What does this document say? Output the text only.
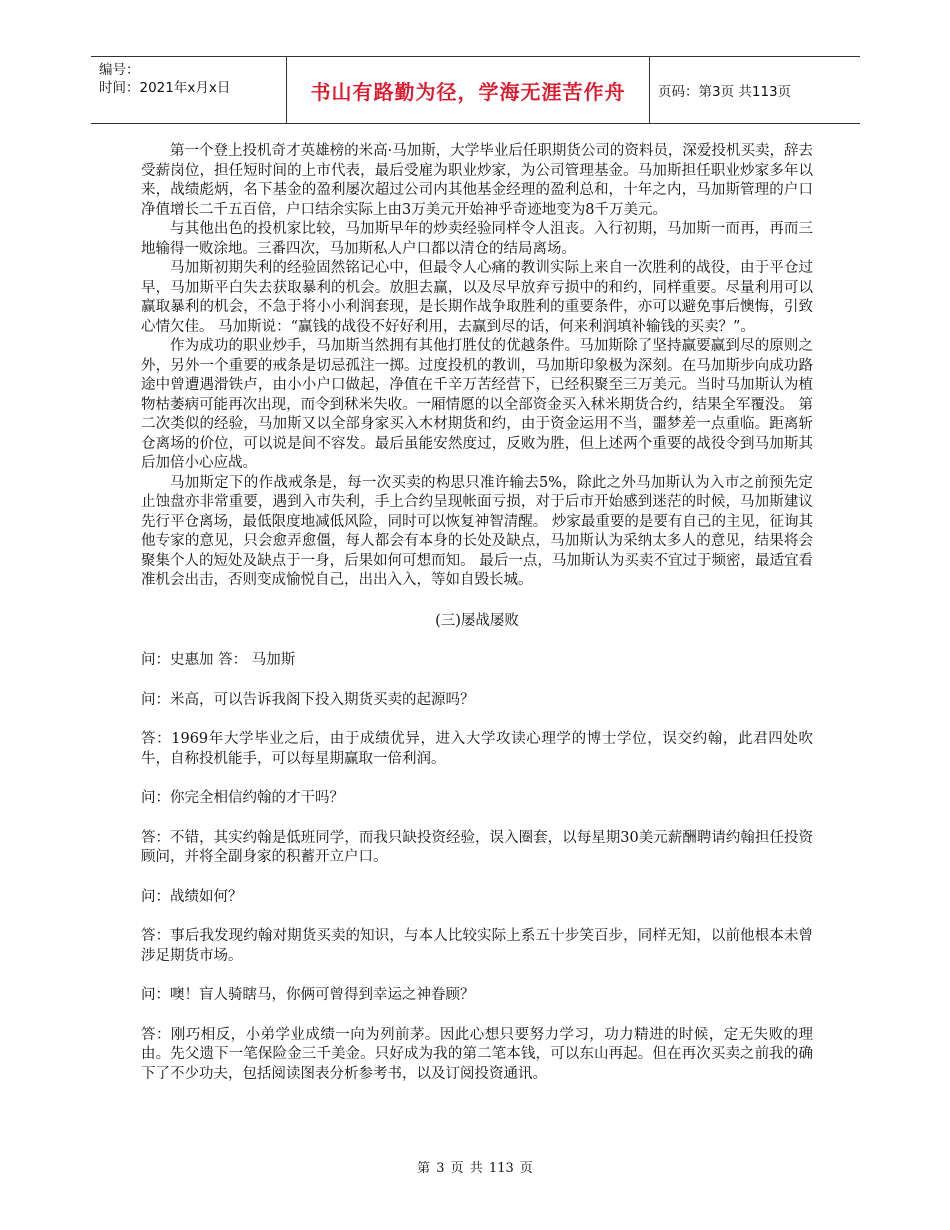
编号：
时间：2021年x月x日	书山有路勤为径，学海无涯苦作舟 页码：第3页 共113页

第一个登上投机奇才英雄榜的米高·马加斯，大学毕业后任职期货公司的资料员，深爱投机买卖，辞去受薪岗位，担任短时间的上市代表，最后受雇为职业炒家，为公司管理基金。马加斯担任职业炒家多年以来，战绩彪炳，名下基金的盈利屡次超过公司内其他基金经理的盈利总和，十年之内，马加斯管理的户口净值增长二千五百倍，户口结余实际上由3万美元开始神乎奇迹地变为8千万美元。

与其他出色的投机家比较，马加斯早年的炒卖经验同样令人沮丧。入行初期，马加斯一而再，再而三地输得一败涂地。三番四次，马加斯私人户口都以清仓的结局离场。

马加斯初期失利的经验固然铭记心中，但最令人心痛的教训实际上来自一次胜利的战役，由于平仓过早，马加斯平白失去获取暴利的机会。放胆去赢，以及尽早放弃亏损中的和约，同样重要。尽量利用可以赢取暴利的机会，不急于将小小利润套现，是长期作战争取胜利的重要条件，亦可以避免事后懊悔，引致心情欠佳。 马加斯说：“赢钱的战役不好好利用，去赢到尽的话，何来利润填补输钱的买卖？”。

作为成功的职业炒手，马加斯当然拥有其他打胜仗的优越条件。马加斯除了坚持赢要赢到尽的原则之外，另外一个重要的戒条是切忌孤注一掷。过度投机的教训，马加斯印象极为深刻。在马加斯步向成功路途中曾遭遇滑铁卢，由小小户口做起，净值在千辛万苦经营下，已经积聚至三万美元。当时马加斯认为植物枯萎病可能再次出现，而令到秫米失收。一厢情愿的以全部资金买入秫米期货合约，结果全军覆没。 第二次类似的经验，马加斯又以全部身家买入木材期货和约，由于资金运用不当，噩梦差一点重临。距离斩仓离场的价位，可以说是间不容发。最后虽能安然度过，反败为胜，但上述两个重要的战役令到马加斯其后加倍小心应战。

马加斯定下的作战戒条是，每一次买卖的构思只准许输去5%，除此之外马加斯认为入市之前预先定止蚀盘亦非常重要，遇到入市失利，手上合约呈现帐面亏损，对于后市开始感到迷茫的时候，马加斯建议先行平仓离场，最低限度地减低风险，同时可以恢复神智清醒。 炒家最重要的是要有自己的主见，征询其他专家的意见，只会愈弄愈僵，每人都会有本身的长处及缺点，马加斯认为采纳太多人的意见，结果将会聚集个人的短处及缺点于一身，后果如何可想而知。 最后一点，马加斯认为买卖不宜过于频密，最适宜看准机会出击，否则变成愉悦自己，出出入入，等如自毁长城。

(三)屡战屡败

问：史惠加 答： 马加斯

问：米高，可以告诉我阁下投入期货买卖的起源吗？

答：1969年大学毕业之后，由于成绩优异，进入大学攻读心理学的博士学位，误交约翰，此君四处吹牛，自称投机能手，可以每星期赢取一倍利润。

问：你完全相信约翰的才干吗？

答：不错，其实约翰是低班同学，而我只缺投资经验，误入圈套，以每星期30美元薪酬聘请约翰担任投资顾问，并将全副身家的积蓄开立户口。

问：战绩如何？

答：事后我发现约翰对期货买卖的知识，与本人比较实际上系五十步笑百步，同样无知，以前他根本未曾涉足期货市场。

问：噢！盲人骑瞎马，你俩可曾得到幸运之神眷顾？

答：刚巧相反，小弟学业成绩一向为列前茅。因此心想只要努力学习，功力精进的时候，定无失败的理由。先父遗下一笔保险金三千美金。只好成为我的第二笔本钱，可以东山再起。但在再次买卖之前我的确下了不少功夫，包括阅读图表分析参考书，以及订阅投资通讯。

第 3 页 共 113 页
